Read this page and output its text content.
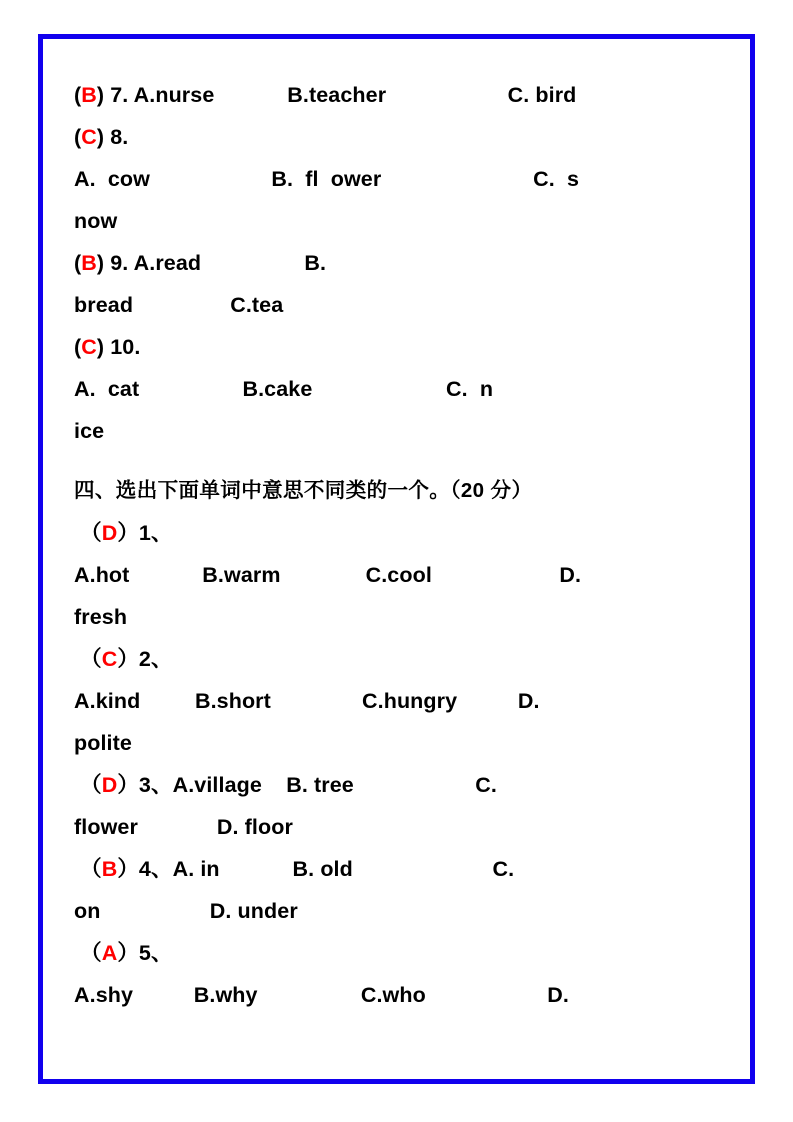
(B) 7. A.nurse            B.teacher                    C. bird
(C) 8.
A.  cow                    B.  fl  ower                         C.  s
now
(B) 9. A.read                 B.
bread                C.tea
(C) 10.
A.  cat                 B.cake                      C.  n
ice
四、选出下面单词中意思不同类的一个。（20 分）
（D）1、
A.hot            B.warm              C.cool                     D.
fresh
（C）2、
A.kind         B.short               C.hungry          D.
polite
（D）3、A.village    B. tree                    C.
flower             D. floor
（B）4、A. in            B. old                       C.
on                  D. under
（A）5、
A.shy          B.why                 C.who                    D.
